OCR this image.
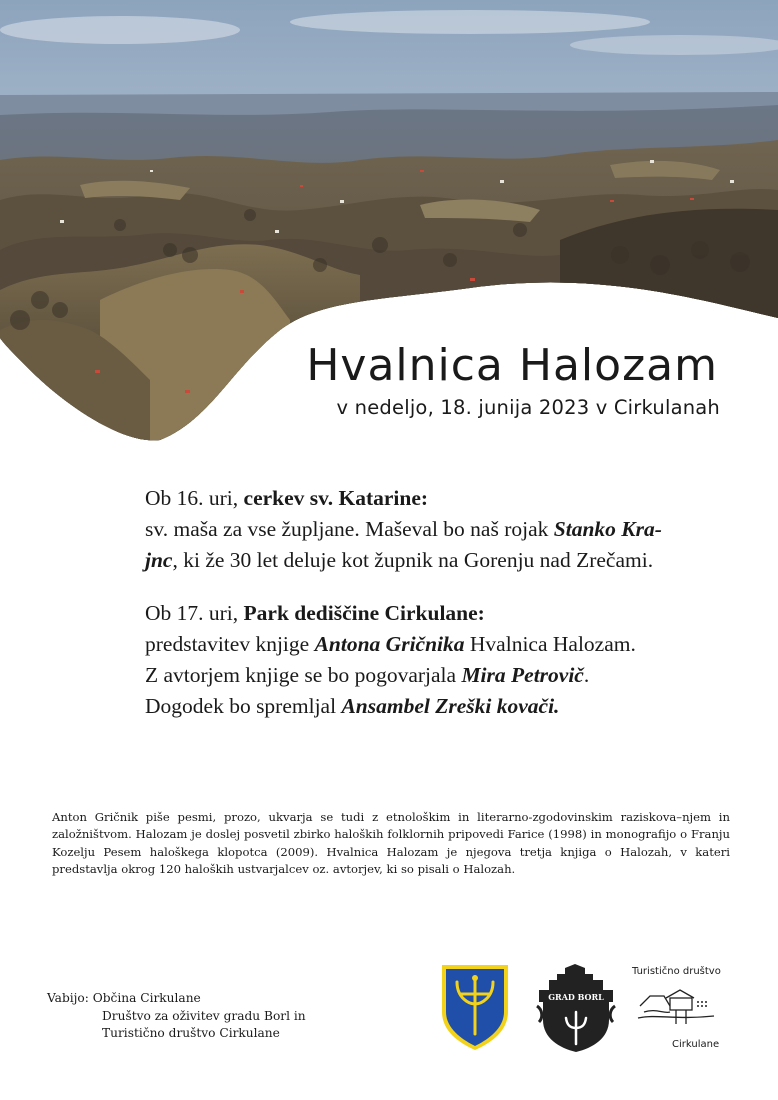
Hvalnica Halozam
v nedeljo, 18. junija 2023 v Cirkulanah

Ob 16. uri, cerkev sv. Katarine:

sv. maša za vse župljane. Maševal bo naš rojak Stanko Kra-

jnc, ki že 30 let deluje kot župnik na Gorenju nad Zrečami.

Ob 17. uri, Park dediščine Cirkulane:

predstavitev knjige Antona Gričnika Hvalnica Halozam.

Z avtorjem knjige se bo pogovarjala Mira Petrovič.

Dogodek bo spremljal Ansambel Zreški kovači.

Anton Gričnik piše pesmi, prozo, ukvarja se tudi z etnološkim in literarno-zgodovinskim raziskova–njem in založništvom. Halozam je doslej posvetil zbirko haloških folklornih pripovedi Farice (1998) in monografijo o Franju Kozelju Pesem haloškega klopotca (2009). Hvalnica Halozam je njegova tretja knjiga o Halozah, v kateri predstavlja okrog 120 haloških ustvarjalcev oz. avtorjev, ki so pisali o Halozah.
Vabijo: Občina Cirkulane
Društvo za oživitev gradu Borl in
Turistično društvo Cirkulane
GRAD BORL
Turistično društvo
Cirkulane
